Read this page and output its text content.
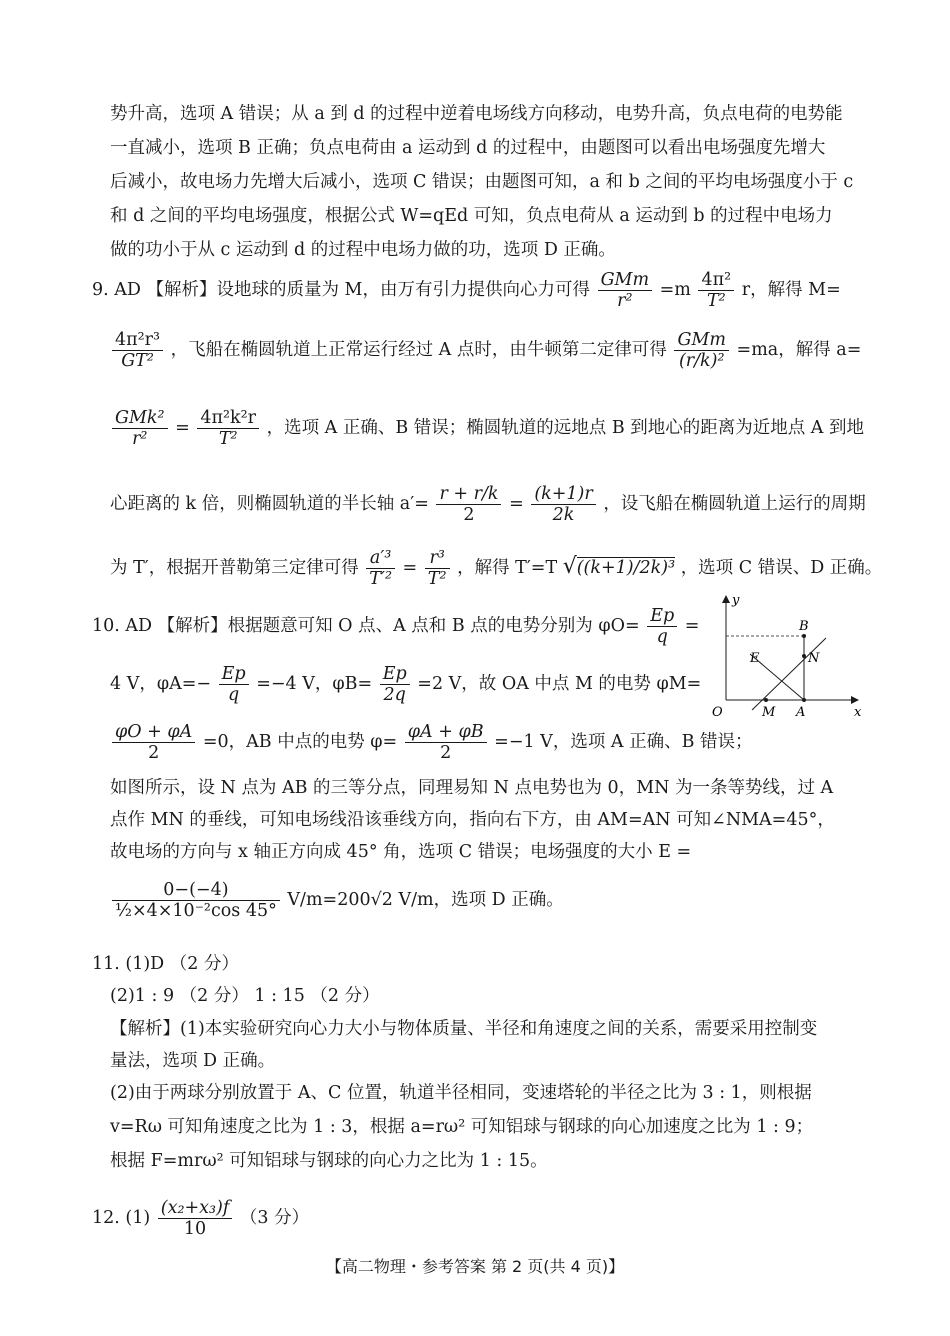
势升高，选项 A 错误；从 a 到 d 的过程中逆着电场线方向移动，电势升高，负点电荷的电势能
一直减小，选项 B 正确；负点电荷由 a 运动到 d 的过程中，由题图可以看出电场强度先增大
后减小，故电场力先增大后减小，选项 C 错误；由题图可知，a 和 b 之间的平均电场强度小于 c
和 d 之间的平均电场强度，根据公式 W=qEd 可知，负点电荷从 a 运动到 b 的过程中电场力
做的功小于从 c 运动到 d 的过程中电场力做的功，选项 D 正确。
9. AD 【解析】设地球的质量为 M，由万有引力提供向心力可得 $\frac{\text{GMm}}{\text{r²}} =m \frac{\text{4π²}}{\text{T²}}$ r，解得 M=
$\frac{\text{4π²r³}}{\text{GT²}}$ ，飞船在椭圆轨道上正常运行经过 A 点时，由牛顿第二定律可得 $\frac{\text{GMm}}{\text{(r/k)²}} =ma$，解得 a=
$\frac{\text{GMk²}}{\text{r²}} = \frac{\text{4π²k²r}}{\text{T²}}$ ，选项 A 正确、B 错误；椭圆轨道的远地点 B 到地心的距离为近地点 A 到地
心距离的 k 倍，则椭圆轨道的半长轴 $a'= \frac{r + r/k}{2} = \frac{(k+1)r}{2k}$ ，设飞船在椭圆轨道上运行的周期
为 T′，根据开普勒第三定律可得 $\frac{\text{a′³}}{\text{T′²}} = \frac{\text{r³}}{\text{T²}}$ ，解得 T′=T √((k+1)/2k)³ ，选项 C 错误、D 正确。
10. AD 【解析】根据题意可知 O 点、A 点和 B 点的电势分别为 $\varphi O= \frac{Ep}{q}$ =
4 V，$\varphi A=- \frac{Ep}{q} =-4$ V，$\varphi B= \frac{Ep}{2q} =2$ V，故 OA 中点 M 的电势 φM=
$\frac{\varphi O + \varphi A}{2} =0$，AB 中点的电势 $\varphi= \frac{\varphi A + \varphi B}{2} =-1$ V，选项 A 正确、B 错误；
如图所示，设 N 点为 AB 的三等分点，同理易知 N 点电势也为 0，MN 为一条等势线，过 A
点作 MN 的垂线，可知电场线沿该垂线方向，指向右下方，由 AM=AN 可知∠NMA=45°，
故电场的方向与 x 轴正方向成 45° 角，选项 C 错误；电场强度的大小 E =
$\frac{0-(-4)}{\text{½×4×10⁻²cos 45°}} V/m=200√2$ V/m，选项 D 正确。
y
x
O	M A
B
E	N
11. (1)D （2 分）
(2)1 : 9 （2 分） 1 : 15 （2 分）
【解析】(1)本实验研究向心力大小与物体质量、半径和角速度之间的关系，需要采用控制变
量法，选项 D 正确。
(2)由于两球分别放置于 A、C 位置，轨道半径相同，变速塔轮的半径之比为 3 : 1，则根据
v=Rω 可知角速度之比为 1 : 3，根据 a=rω² 可知铝球与钢球的向心加速度之比为 1 : 9；
根据 F=mrω² 可知铝球与钢球的向心力之比为 1 : 15。
12. $(1) \frac{\text{(x₂+x₃)f}}{10} (3$ 分）
【高二物理・参考答案 第 2 页(共 4 页)】
